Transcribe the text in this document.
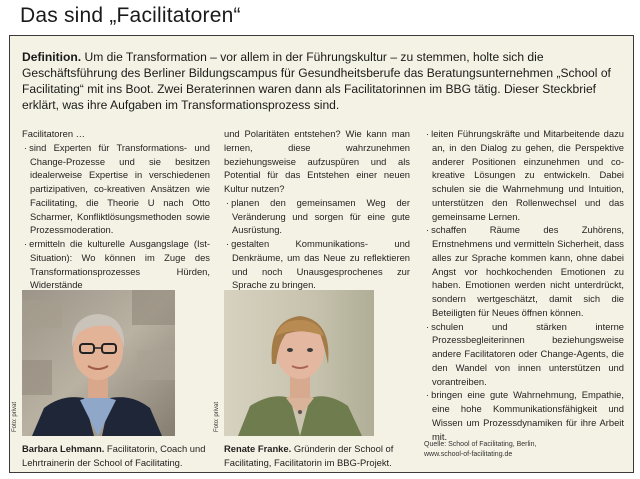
Das sind „Facilitatoren“
Definition. Um die Transformation – vor allem in der Führungskultur – zu stemmen, holte sich die Geschäftsführung des Berliner Bildungscampus für Gesundheitsberufe das Beratungsunternehmen „School of Facilitating“ mit ins Boot. Zwei Beraterinnen waren dann als Facilitatorinnen im BBG tätig. Dieser Steckbrief erklärt, was ihre Aufgaben im Transformationsprozess sind.

Facilitatoren …

· sind Experten für Transformations- und Change-Prozesse und sie besitzen idealerweise Expertise in verschiedenen partizipativen, co-kreativen Ansätzen wie Facilitating, die Theorie U nach Otto Scharmer, Konfliktlösungsmethoden sowie Prozessmoderation.

· ermitteln die kulturelle Ausgangslage (Ist-Situation): Wo können im Zuge des Transformationsprozesses Hürden, Widerstände

und Polaritäten entstehen? Wie kann man lernen, diese wahrzunehmen beziehungsweise aufzuspüren und als Potential für das Entstehen einer neuen Kultur nutzen?

· planen den gemeinsamen Weg der Veränderung und sorgen für eine gute Ausrüstung.

· gestalten Kommunikations- und Denkräume, um das Neue zu reflektieren und noch Unausgesprochenes zur Sprache zu bringen.

· leiten Führungskräfte und Mitarbeitende dazu an, in den Dialog zu gehen, die Perspektive anderer Positionen einzunehmen und co-kreative Lösungen zu entwickeln. Dabei schulen sie die Wahrnehmung und Intuition, unterstützen den Rollenwechsel und das gemeinsame Lernen.

· schaffen Räume des Zuhörens, Ernstnehmens und vermitteln Sicherheit, dass alles zur Sprache kommen kann, ohne dabei Angst vor hochkochenden Emotionen zu haben. Emotionen werden nicht unterdrückt, sondern wertgeschätzt, damit sich die Beteiligten für Neues öffnen können.

· schulen und stärken interne Prozessbegleiterinnen beziehungsweise andere Facilitatoren oder Change-Agents, die den Wandel von innen unterstützen und vorantreiben.

· bringen eine gute Wahrnehmung, Empathie, eine hohe Kommunikationsfähigkeit und Wissen um Prozessdynamiken für ihre Arbeit mit.

Foto: privat	Foto: privat
Barbara Lehmann. Facilitatorin, Coach und Lehrtrainerin der School of Facilitating.
Renate Franke. Gründerin der School of Facilitating, Facilitatorin im BBG-Projekt.
Quelle: School of Facilitating, Berlin,
www.school-of-facilitating.de
